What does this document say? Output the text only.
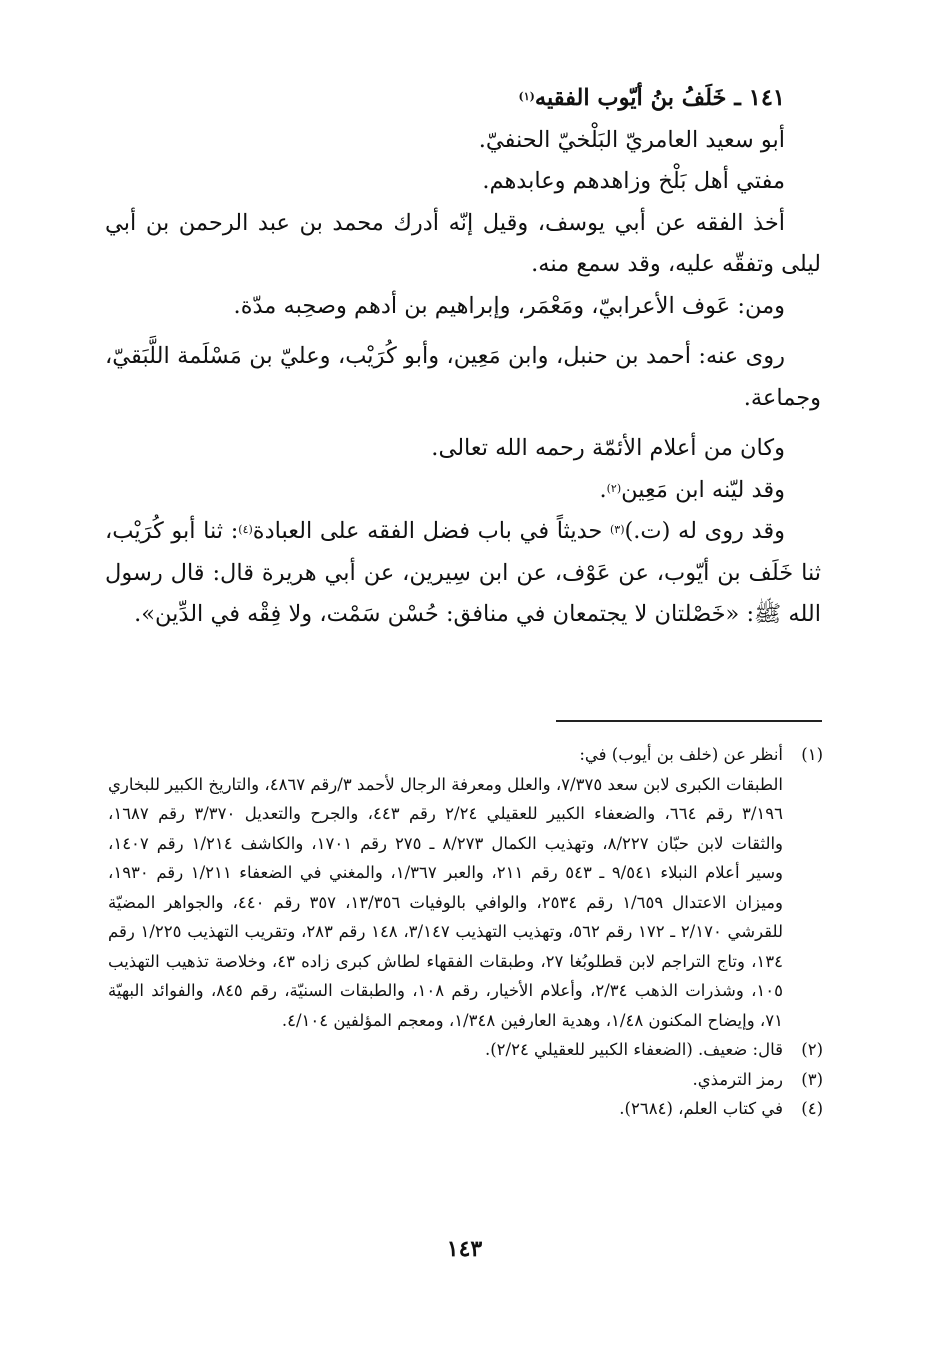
١٤١ ـ خَلَفُ بنُ أيّوب الفقيه$^{(١)}$

أبو سعيد العامريّ البَلْخيّ الحنفيّ.

مفتي أهل بَلْخ وزاهدهم وعابدهم.

أخذ الفقه عن أبي يوسف، وقيل إنّه أدرك محمد بن عبد الرحمن بن أبي ليلى وتفقّه عليه، وقد سمع منه.

ومن: عَوف الأعرابيّ، ومَعْمَر، وإبراهيم بن أدهم وصحِبه مدّة.

روى عنه: أحمد بن حنبل، وابن مَعِين، وأبو كُرَيْب، وعليّ بن مَسْلَمة اللَّبَقيّ، وجماعة.

وكان من أعلام الأئمّة رحمه الله تعالى.

وقد ليّنه ابن مَعِين$^{(٢)}$.

وقد روى له (ت.)$^{(٣)}$ حديثاً في باب فضل الفقه على العبادة$^{(٤)}$: ثنا أبو كُرَيْب، ثنا خَلَف بن أيّوب، عن عَوْف، عن ابن سِيرين، عن أبي هريرة قال: قال رسول الله ﷺ: «خَصْلتان لا يجتمعان في منافق: حُسْن سَمْت، ولا فِقْه في الدِّين».

(١)
أنظر عن (خلف بن أيوب) في:
الطبقات الكبرى لابن سعد ٧/٣٧٥، والعلل ومعرفة الرجال لأحمد ٣/رقم ٤٨٦٧، والتاريخ الكبير للبخاري ٣/١٩٦ رقم ٦٦٤، والضعفاء الكبير للعقيلي ٢/٢٤ رقم ٤٤٣، والجرح والتعديل ٣/٣٧٠ رقم ١٦٨٧، والثقات لابن حبّان ٨/٢٢٧، وتهذيب الكمال ٨/٢٧٣ ـ ٢٧٥ رقم ١٧٠١، والكاشف ١/٢١٤ رقم ١٤٠٧، وسير أعلام النبلاء ٩/٥٤١ ـ ٥٤٣ رقم ٢١١، والعبر ١/٣٦٧، والمغني في الضعفاء ١/٢١١ رقم ١٩٣٠، وميزان الاعتدال ١/٦٥٩ رقم ٢٥٣٤، والوافي بالوفيات ١٣/٣٥٦، ٣٥٧ رقم ٤٤٠، والجواهر المضيّة للقرشي ٢/١٧٠ ـ ١٧٢ رقم ٥٦٢، وتهذيب التهذيب ٣/١٤٧، ١٤٨ رقم ٢٨٣، وتقريب التهذيب ١/٢٢٥ رقم ١٣٤، وتاج التراجم لابن قطلوبُغا ٢٧، وطبقات الفقهاء لطاش كبرى زاده ٤٣، وخلاصة تذهيب التهذيب ١٠٥، وشذرات الذهب ٢/٣٤، وأعلام الأخيار، رقم ١٠٨، والطبقات السنيّة، رقم ٨٤٥، والفوائد البهيّة ٧١، وإيضاح المكنون ١/٤٨، وهدية العارفين ١/٣٤٨، ومعجم المؤلفين ٤/١٠٤.
(٢)
قال: ضعيف. (الضعفاء الكبير للعقيلي ٢/٢٤).
(٣)
رمز الترمذي.
(٤)
في كتاب العلم، (٢٦٨٤).
١٤٣
